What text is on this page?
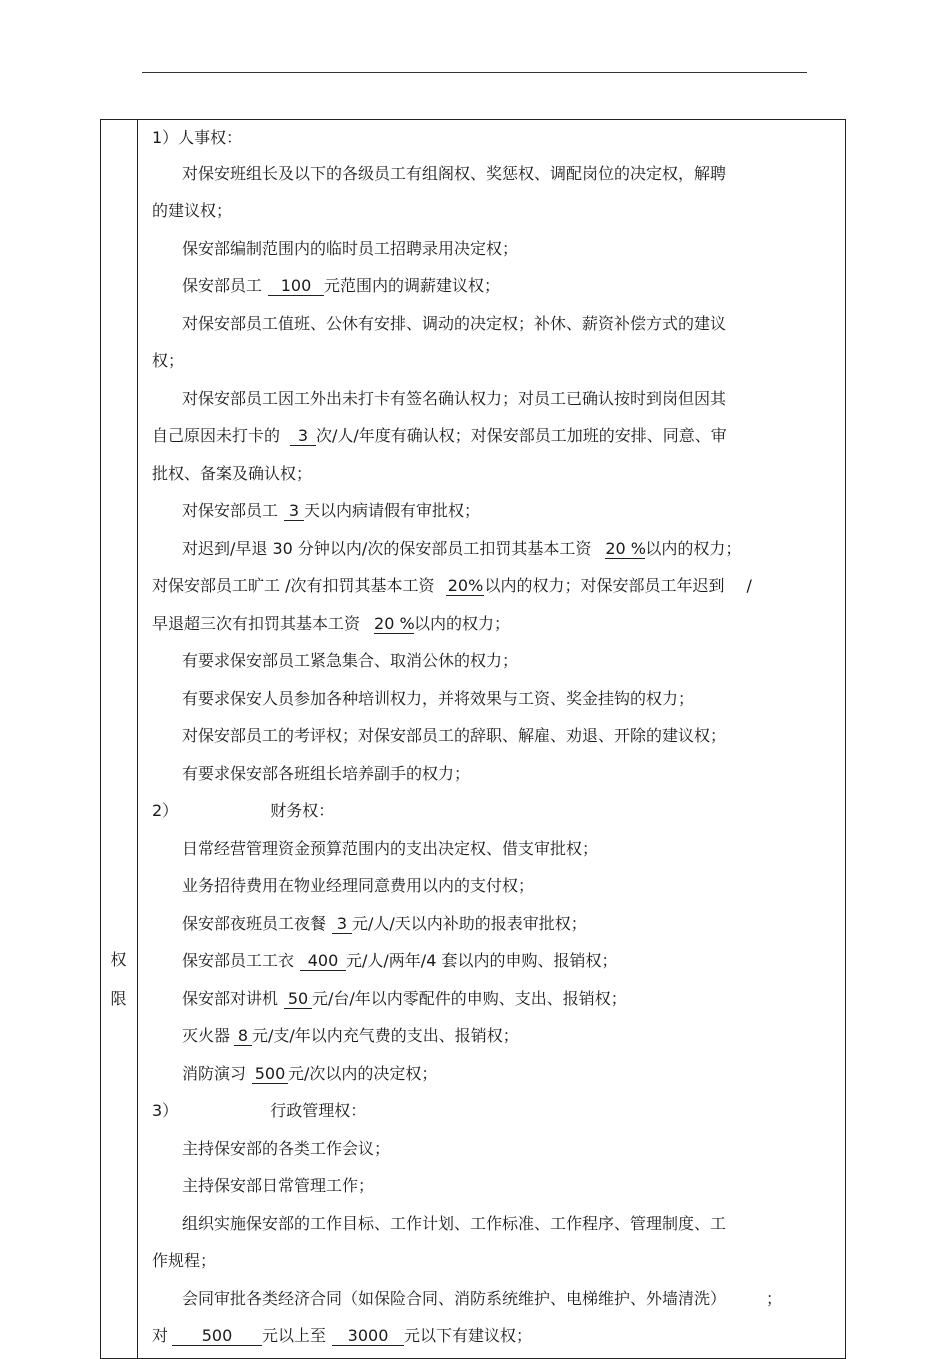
权
限

1）人事权：

对保安班组长及以下的各级员工有组阁权、奖惩权、调配岗位的决定权，解聘

的建议权；

保安部编制范围内的临时员工招聘录用决定权；

保安部员工 100 元范围内的调薪建议权；

对保安部员工值班、公休有安排、调动的决定权；补休、薪资补偿方式的建议

权；

对保安部员工因工外出未打卡有签名确认权力；对员工已确认按时到岗但因其

自己原因未打卡的 3 次/人/年度有确认权；对保安部员工加班的安排、同意、审

批权、备案及确认权；

对保安部员工 3 天以内病请假有审批权；

对迟到/早退 30 分钟以内/次的保安部员工扣罚其基本工资 20 %以内的权力；

对保安部员工旷工 /次有扣罚其基本工资 20%以内的权力；对保安部员工年迟到 /

早退超三次有扣罚其基本工资 20 %以内的权力；

有要求保安部员工紧急集合、取消公休的权力；

有要求保安人员参加各种培训权力，并将效果与工资、奖金挂钩的权力；

对保安部员工的考评权；对保安部员工的辞职、解雇、劝退、开除的建议权；

有要求保安部各班组长培养副手的权力；

2）	财务权：

日常经营管理资金预算范围内的支出决定权、借支审批权；

业务招待费用在物业经理同意费用以内的支付权；

保安部夜班员工夜餐 3 元/人/天以内补助的报表审批权；

保安部员工工衣 400 元/人/两年/4 套以内的申购、报销权；

保安部对讲机 50 元/台/年以内零配件的申购、支出、报销权；

灭火器 8 元/支/年以内充气费的支出、报销权；

消防演习 500 元/次以内的决定权；

3）	行政管理权：

主持保安部的各类工作会议；

主持保安部日常管理工作；

组织实施保安部的工作目标、工作计划、工作标准、工作程序、管理制度、工

作规程；

会同审批各类经济合同（如保险合同、消防系统维护、电梯维护、外墙清洗）	；

对 500 元以上至 3000 元以下有建议权；
